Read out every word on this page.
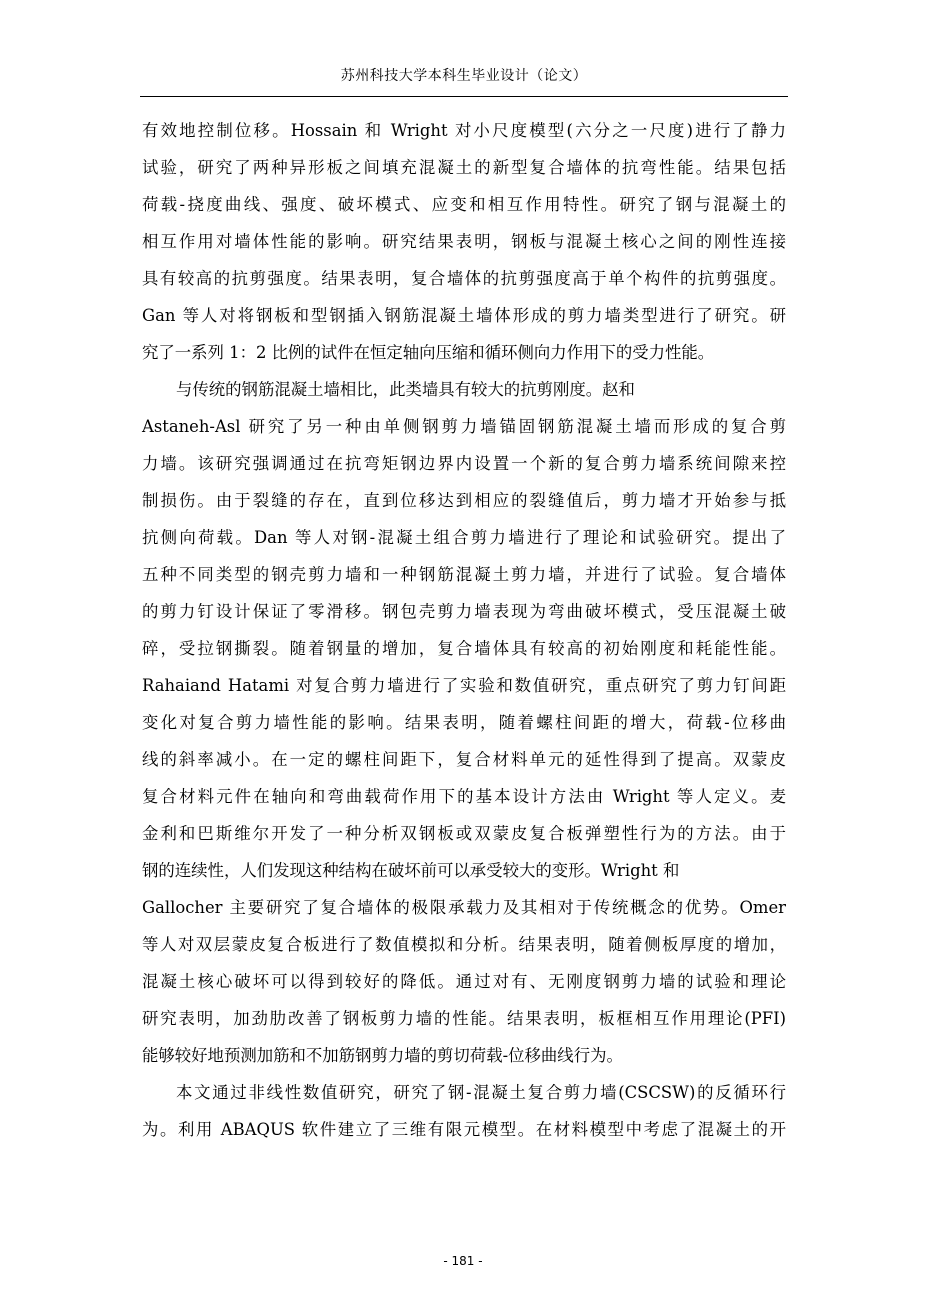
苏州科技大学本科生毕业设计（论文）
有效地控制位移。Hossain 和 Wright 对小尺度模型(六分之一尺度)进行了静力
试验，研究了两种异形板之间填充混凝土的新型复合墙体的抗弯性能。结果包括
荷载-挠度曲线、强度、破坏模式、应变和相互作用特性。研究了钢与混凝土的
相互作用对墙体性能的影响。研究结果表明，钢板与混凝土核心之间的刚性连接
具有较高的抗剪强度。结果表明，复合墙体的抗剪强度高于单个构件的抗剪强度。
Gan 等人对将钢板和型钢插入钢筋混凝土墙体形成的剪力墙类型进行了研究。研
究了一系列 1：2 比例的试件在恒定轴向压缩和循环侧向力作用下的受力性能。
与传统的钢筋混凝土墙相比，此类墙具有较大的抗剪刚度。赵和
Astaneh-Asl 研究了另一种由单侧钢剪力墙锚固钢筋混凝土墙而形成的复合剪
力墙。该研究强调通过在抗弯矩钢边界内设置一个新的复合剪力墙系统间隙来控
制损伤。由于裂缝的存在，直到位移达到相应的裂缝值后，剪力墙才开始参与抵
抗侧向荷载。Dan 等人对钢-混凝土组合剪力墙进行了理论和试验研究。提出了
五种不同类型的钢壳剪力墙和一种钢筋混凝土剪力墙，并进行了试验。复合墙体
的剪力钉设计保证了零滑移。钢包壳剪力墙表现为弯曲破坏模式，受压混凝土破
碎，受拉钢撕裂。随着钢量的增加，复合墙体具有较高的初始刚度和耗能性能。
Rahaiand Hatami 对复合剪力墙进行了实验和数值研究，重点研究了剪力钉间距
变化对复合剪力墙性能的影响。结果表明，随着螺柱间距的增大，荷载-位移曲
线的斜率减小。在一定的螺柱间距下，复合材料单元的延性得到了提高。双蒙皮
复合材料元件在轴向和弯曲载荷作用下的基本设计方法由 Wright 等人定义。麦
金利和巴斯维尔开发了一种分析双钢板或双蒙皮复合板弹塑性行为的方法。由于
钢的连续性，人们发现这种结构在破坏前可以承受较大的变形。Wright 和
Gallocher 主要研究了复合墙体的极限承载力及其相对于传统概念的优势。Omer
等人对双层蒙皮复合板进行了数值模拟和分析。结果表明，随着侧板厚度的增加，
混凝土核心破坏可以得到较好的降低。通过对有、无刚度钢剪力墙的试验和理论
研究表明，加劲肋改善了钢板剪力墙的性能。结果表明，板框相互作用理论(PFI)
能够较好地预测加筋和不加筋钢剪力墙的剪切荷载-位移曲线行为。
本文通过非线性数值研究，研究了钢-混凝土复合剪力墙(CSCSW)的反循环行
为。利用 ABAQUS 软件建立了三维有限元模型。在材料模型中考虑了混凝土的开
- 181 -
